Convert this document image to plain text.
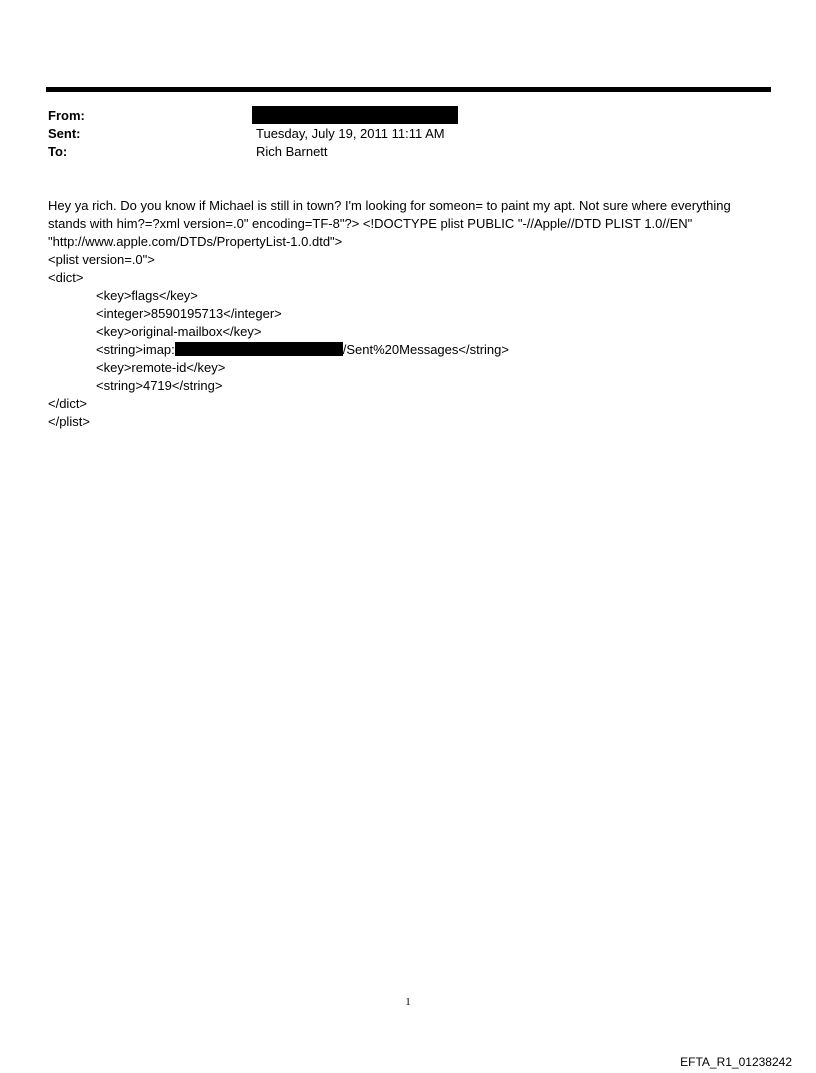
From:
Sent:	Tuesday, July 19, 2011 11:11 AM
To:	Rich Barnett
Hey ya rich. Do you know if Michael is still in town? I'm looking for someon= to paint my apt. Not sure where everything stands with him?=?xml version=.0" encoding=TF-8"?> <!DOCTYPE plist PUBLIC "-//Apple//DTD PLIST 1.0//EN" "http://www.apple.com/DTDs/PropertyList-1.0.dtd">
<plist version=.0">
<dict>
<key>flags</key>
<integer>8590195713</integer>
<key>original-mailbox</key>
<string>imap:	/Sent%20Messages</string>
<key>remote-id</key>
<string>4719</string>
</dict>
</plist>
1
EFTA_R1_01238242
